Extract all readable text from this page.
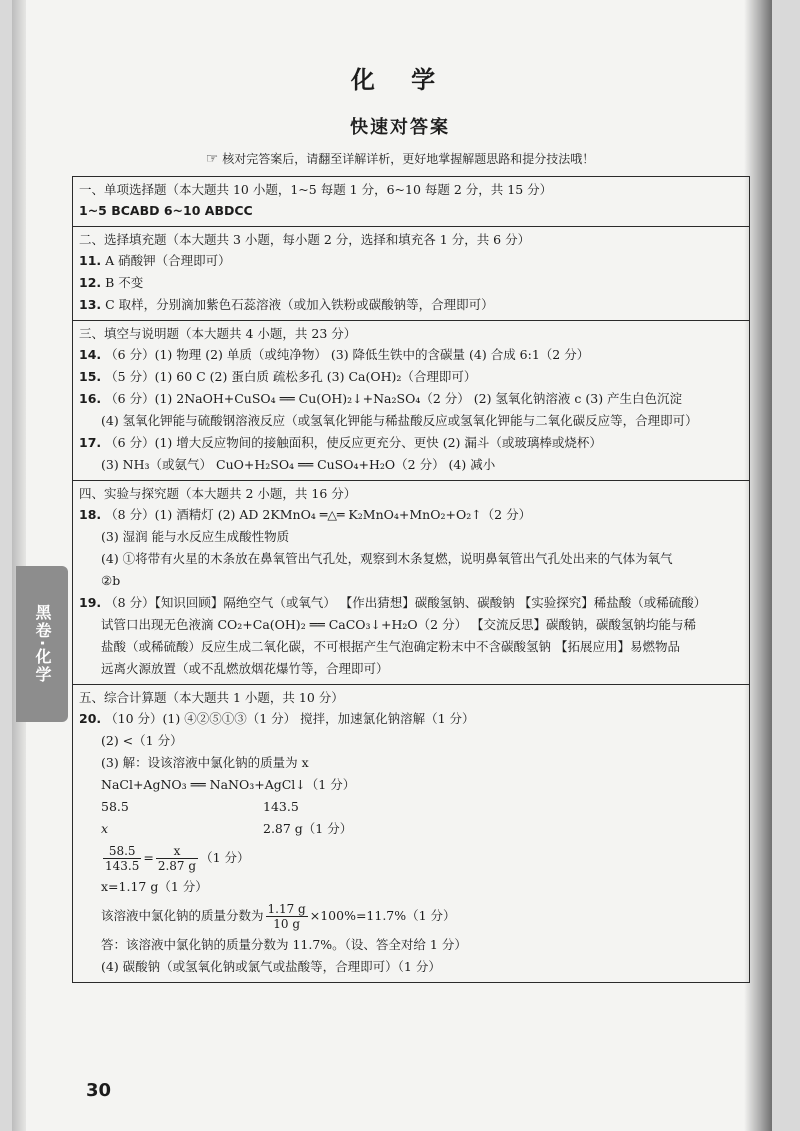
化 学
快速对答案
☞ 核对完答案后，请翻至详解详析，更好地掌握解题思路和提分技法哦！
黑卷·化学
一、单项选择题（本大题共 10 小题，1~5 每题 1 分，6~10 每题 2 分，共 15 分）
1~5 BCABD 6~10 ABDCC
二、选择填充题（本大题共 3 小题，每小题 2 分，选择和填充各 1 分，共 6 分）
11. A 硝酸钾（合理即可）
12. B 不变
13. C 取样，分别滴加紫色石蕊溶液（或加入铁粉或碳酸钠等，合理即可）
三、填空与说明题（本大题共 4 小题，共 23 分）
14. （6 分）(1) 物理 (2) 单质（或纯净物） (3) 降低生铁中的含碳量 (4) 合成 6:1（2 分）
15. （5 分）(1) 60 C (2) 蛋白质 疏松多孔 (3) Ca(OH)₂（合理即可）
16. （6 分）(1) 2NaOH+CuSO₄ ══ Cu(OH)₂↓+Na₂SO₄（2 分） (2) 氢氧化钠溶液 c (3) 产生白色沉淀
(4) 氢氧化钾能与硫酸钢溶液反应（或氢氧化钾能与稀盐酸反应或氢氧化钾能与二氧化碳反应等，合理即可）
17. （6 分）(1) 增大反应物间的接触面积，使反应更充分、更快 (2) 漏斗（或玻璃棒或烧杯）
(3) NH₃（或氨气） CuO+H₂SO₄ ══ CuSO₄+H₂O（2 分） (4) 减小
四、实验与探究题（本大题共 2 小题，共 16 分）
18. （8 分）(1) 酒精灯 (2) AD 2KMnO₄ ═△═ K₂MnO₄+MnO₂+O₂↑（2 分）
(3) 湿润 能与水反应生成酸性物质
(4) ①将带有火星的木条放在鼻氧管出气孔处，观察到木条复燃，说明鼻氧管出气孔处出来的气体为氧气
②b
19. （8 分）【知识回顾】隔绝空气（或氧气） 【作出猜想】碳酸氢钠、碳酸钠 【实验探究】稀盐酸（或稀硫酸）
试管口出现无色液滴 CO₂+Ca(OH)₂ ══ CaCO₃↓+H₂O（2 分） 【交流反思】碳酸钠，碳酸氢钠均能与稀
盐酸（或稀硫酸）反应生成二氧化碳，不可根据产生气泡确定粉末中不含碳酸氢钠 【拓展应用】易燃物品
远离火源放置（或不乱燃放烟花爆竹等，合理即可）
五、综合计算题（本大题共 1 小题，共 10 分）
20. （10 分）(1) ④②⑤①③（1 分） 搅拌，加速氯化钠溶解（1 分）
(2) <（1 分）
(3) 解：设该溶液中氯化钠的质量为 x
NaCl+AgNO₃ ══ NaNO₃+AgCl↓（1 分）
58.5	143.5
x	2.87 g（1 分）
$\frac{58.5}{143.5} = \frac{x}{2.87 g} (1$ 分）
x=1.17 g（1 分）
该溶液中氯化钠的质量分数为 $\frac{1.17 g}{10 g} \times 100\%=11.7\%(1$ 分）
答：该溶液中氯化钠的质量分数为 11.7%。（设、答全对给 1 分）
(4) 碳酸钠（或氢氧化钠或氯气或盐酸等，合理即可）（1 分）
30
